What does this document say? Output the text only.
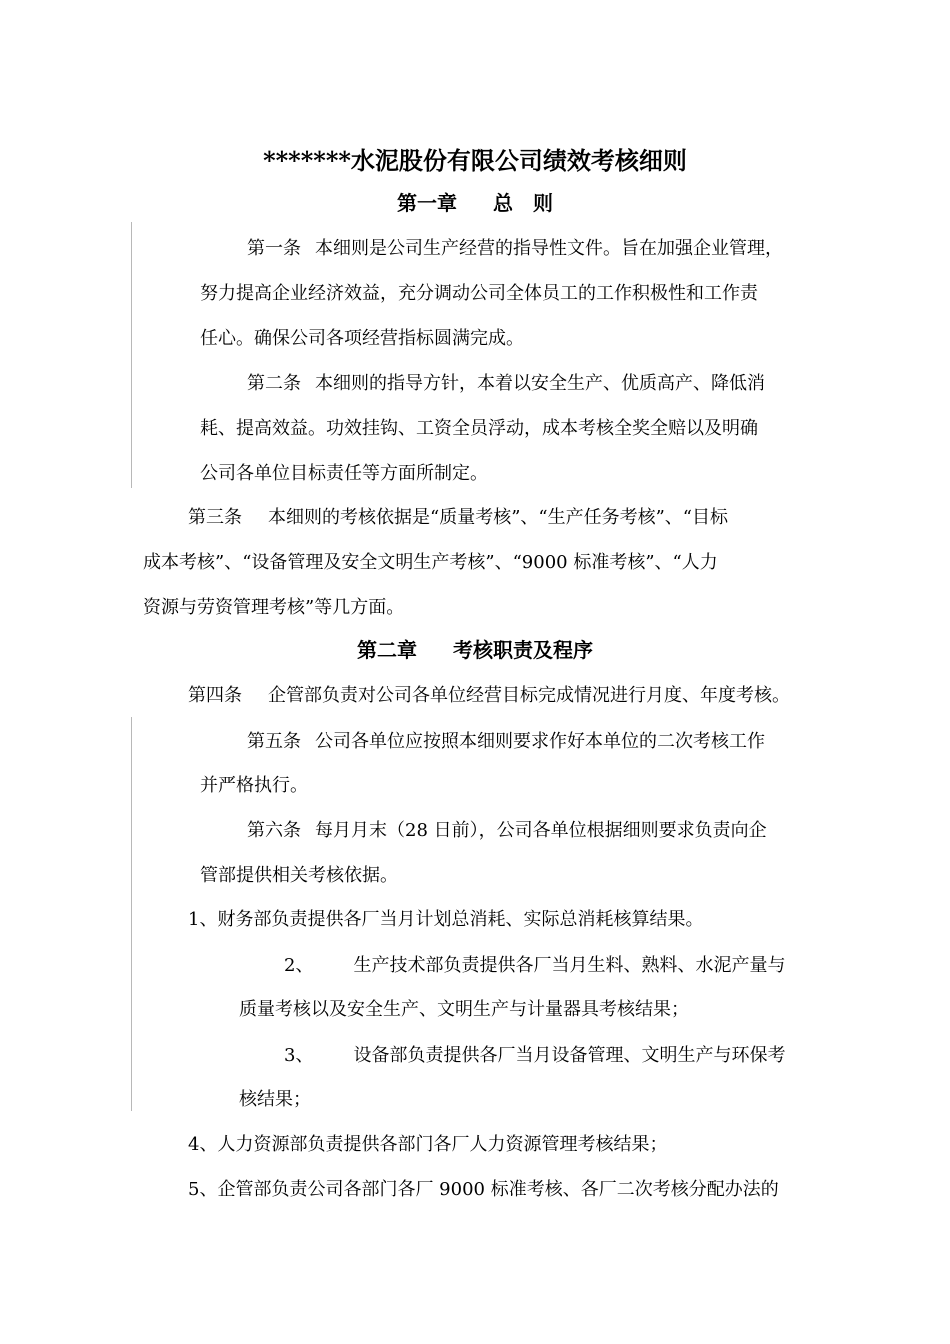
*******水泥股份有限公司绩效考核细则
第一章 总　则
第一条 本细则是公司生产经营的指导性文件。旨在加强企业管理，
努力提高企业经济效益，充分调动公司全体员工的工作积极性和工作责
任心。确保公司各项经营指标圆满完成。
第二条 本细则的指导方针，本着以安全生产、优质高产、降低消
耗、提高效益。功效挂钩、工资全员浮动，成本考核全奖全赔以及明确
公司各单位目标责任等方面所制定。
第三条 本细则的考核依据是“质量考核”、“生产任务考核”、“目标
成本考核”、“设备管理及安全文明生产考核”、“9000 标准考核”、“人力
资源与劳资管理考核”等几方面。
第二章 考核职责及程序
第四条 企管部负责对公司各单位经营目标完成情况进行月度、年度考核。
第五条 公司各单位应按照本细则要求作好本单位的二次考核工作
并严格执行。
第六条 每月月末（28 日前），公司各单位根据细则要求负责向企
管部提供相关考核依据。
1、财务部负责提供各厂当月计划总消耗、实际总消耗核算结果。
2、 生产技术部负责提供各厂当月生料、熟料、水泥产量与
质量考核以及安全生产、文明生产与计量器具考核结果；
3、 设备部负责提供各厂当月设备管理、文明生产与环保考
核结果；
4、人力资源部负责提供各部门各厂人力资源管理考核结果；
5、企管部负责公司各部门各厂 9000 标准考核、各厂二次考核分配办法的
